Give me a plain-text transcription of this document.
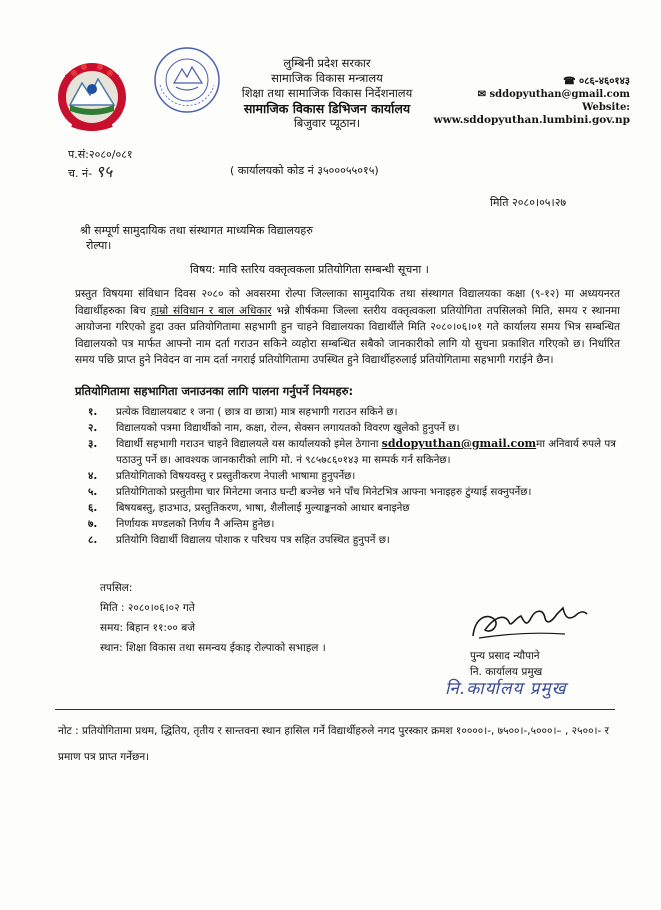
लुम्बिनी प्रदेश सरकार
सामाजिक विकास मन्त्रालय
शिक्षा तथा सामाजिक विकास निर्देशनालय
सामाजिक विकास डिभिजन कार्यालय
बिजुवार प्यूठान।
☎ ०८६-४६०१४३
✉ sddopyuthan@gmail.com
Website:
www.sddopyuthan.lumbini.gov.np
प.सं:२०८०/०८१
च. नं- ९५	( कार्यालयको कोड नं ३५०००५५०१५)
मिति २०८०।०५।२७
श्री सम्पूर्ण सामुदायिक तथा संस्थागत माध्यमिक विद्यालयहरु
रोल्पा।
विषय: मावि स्तरिय वक्तृत्वकला प्रतियोगिता सम्बन्धी सूचना ।
प्रस्तुत विषयमा संविधान दिवस २०८० को अवसरमा रोल्पा जिल्लाका सामुदायिक तथा संस्थागत विद्यालयका कक्षा (९-१२) मा अध्ययनरत विद्यार्थीहरुका बिच हाम्रो संविधान र बाल अधिकार भन्ने शीर्षकमा जिल्ला स्तरीय वक्तृत्वकला प्रतियोगिता तपसिलको मिति, समय र स्थानमा आयोजना गरिएको हुदा उक्त प्रतियोगितामा सहभागी हुन चाहने विद्यालयका विद्यार्थीले मिति २०८०।०६।०१ गते कार्यालय समय भित्र सम्बन्धित विद्यालयको पत्र मार्फत आफ्नो नाम दर्ता गराउन सकिने व्यहोरा सम्बन्धित सबैको जानकारीको लागि यो सुचना प्रकाशित गरिएको छ। निर्धारित समय पछि प्राप्त हुने निवेदन वा नाम दर्ता नगराई प्रतियोगितामा उपस्थित हुने विद्यार्थीहरुलाई प्रतियोगितामा सहभागी गराईने छैन।
प्रतियोगितामा सहभागिता जनाउनका लागि पालना गर्नुपर्ने नियमहरु:
१.	प्रत्येक विद्यालयबाट १ जना ( छात्र वा छात्रा) मात्र सहभागी गराउन सकिने छ।
२.	विद्यालयको पत्रमा विद्यार्थीको नाम, कक्षा, रोल्न, सेक्सन लगायतको विवरण खुलेको हुनुपर्ने छ।
३.	विद्यार्थी सहभागी गराउन चाहने विद्यालयले यस कार्यालयको इमेल ठेगाना sddopyuthan@gmail.comमा अनिवार्य रुपले पत्र पठाउनु पर्ने छ। आवश्यक जानकारीको लागि मो. नं ९८५७८६०१४३ मा सम्पर्क गर्न सकिनेछ।
४.	प्रतियोगिताको विषयवस्तु र प्रस्तुतीकरण नेपाली भाषामा हुनुपर्नेछ।
५.	प्रतियोगिताको प्रस्तुतीमा चार मिनेटमा जनाउ घन्टी बज्नेछ भने पाँच मिनेटभित्र आफ्ना भनाइहरु टुंग्याई सक्नुपर्नेछ।
६.	बिषयबस्तु, हाउभाउ, प्रस्तुतिकरण, भाषा, शैलीलाई मुल्याङ्कनको आधार बनाइनेछ
७.	निर्णायक मण्डलको निर्णय नै अन्तिम हुनेछ।
८.	प्रतियोगि विद्यार्थी विद्यालय पोशाक र परिचय पत्र सहित उपस्थित हुनुपर्ने छ।
तपसिल:
मिति : २०८०।०६।०२ गते
समय: बिहान ११:०० बजे
स्थान: शिक्षा विकास तथा समन्वय ईकाइ रोल्पाको सभाहल ।
पुन्य प्रसाद न्यौपाने
नि. कार्यालय प्रमुख
नि.कार्यालय प्रमुख
नोट : प्रतियोगितामा प्रथम, द्धितिय, तृतीय र सान्तवना स्थान हासिल गर्ने विद्यार्थीहरुले नगद पुरस्कार क्रमश १००००।-, ७५००।-,५०००।– , २५००।- र प्रमाण पत्र प्राप्त गर्नेछन।
